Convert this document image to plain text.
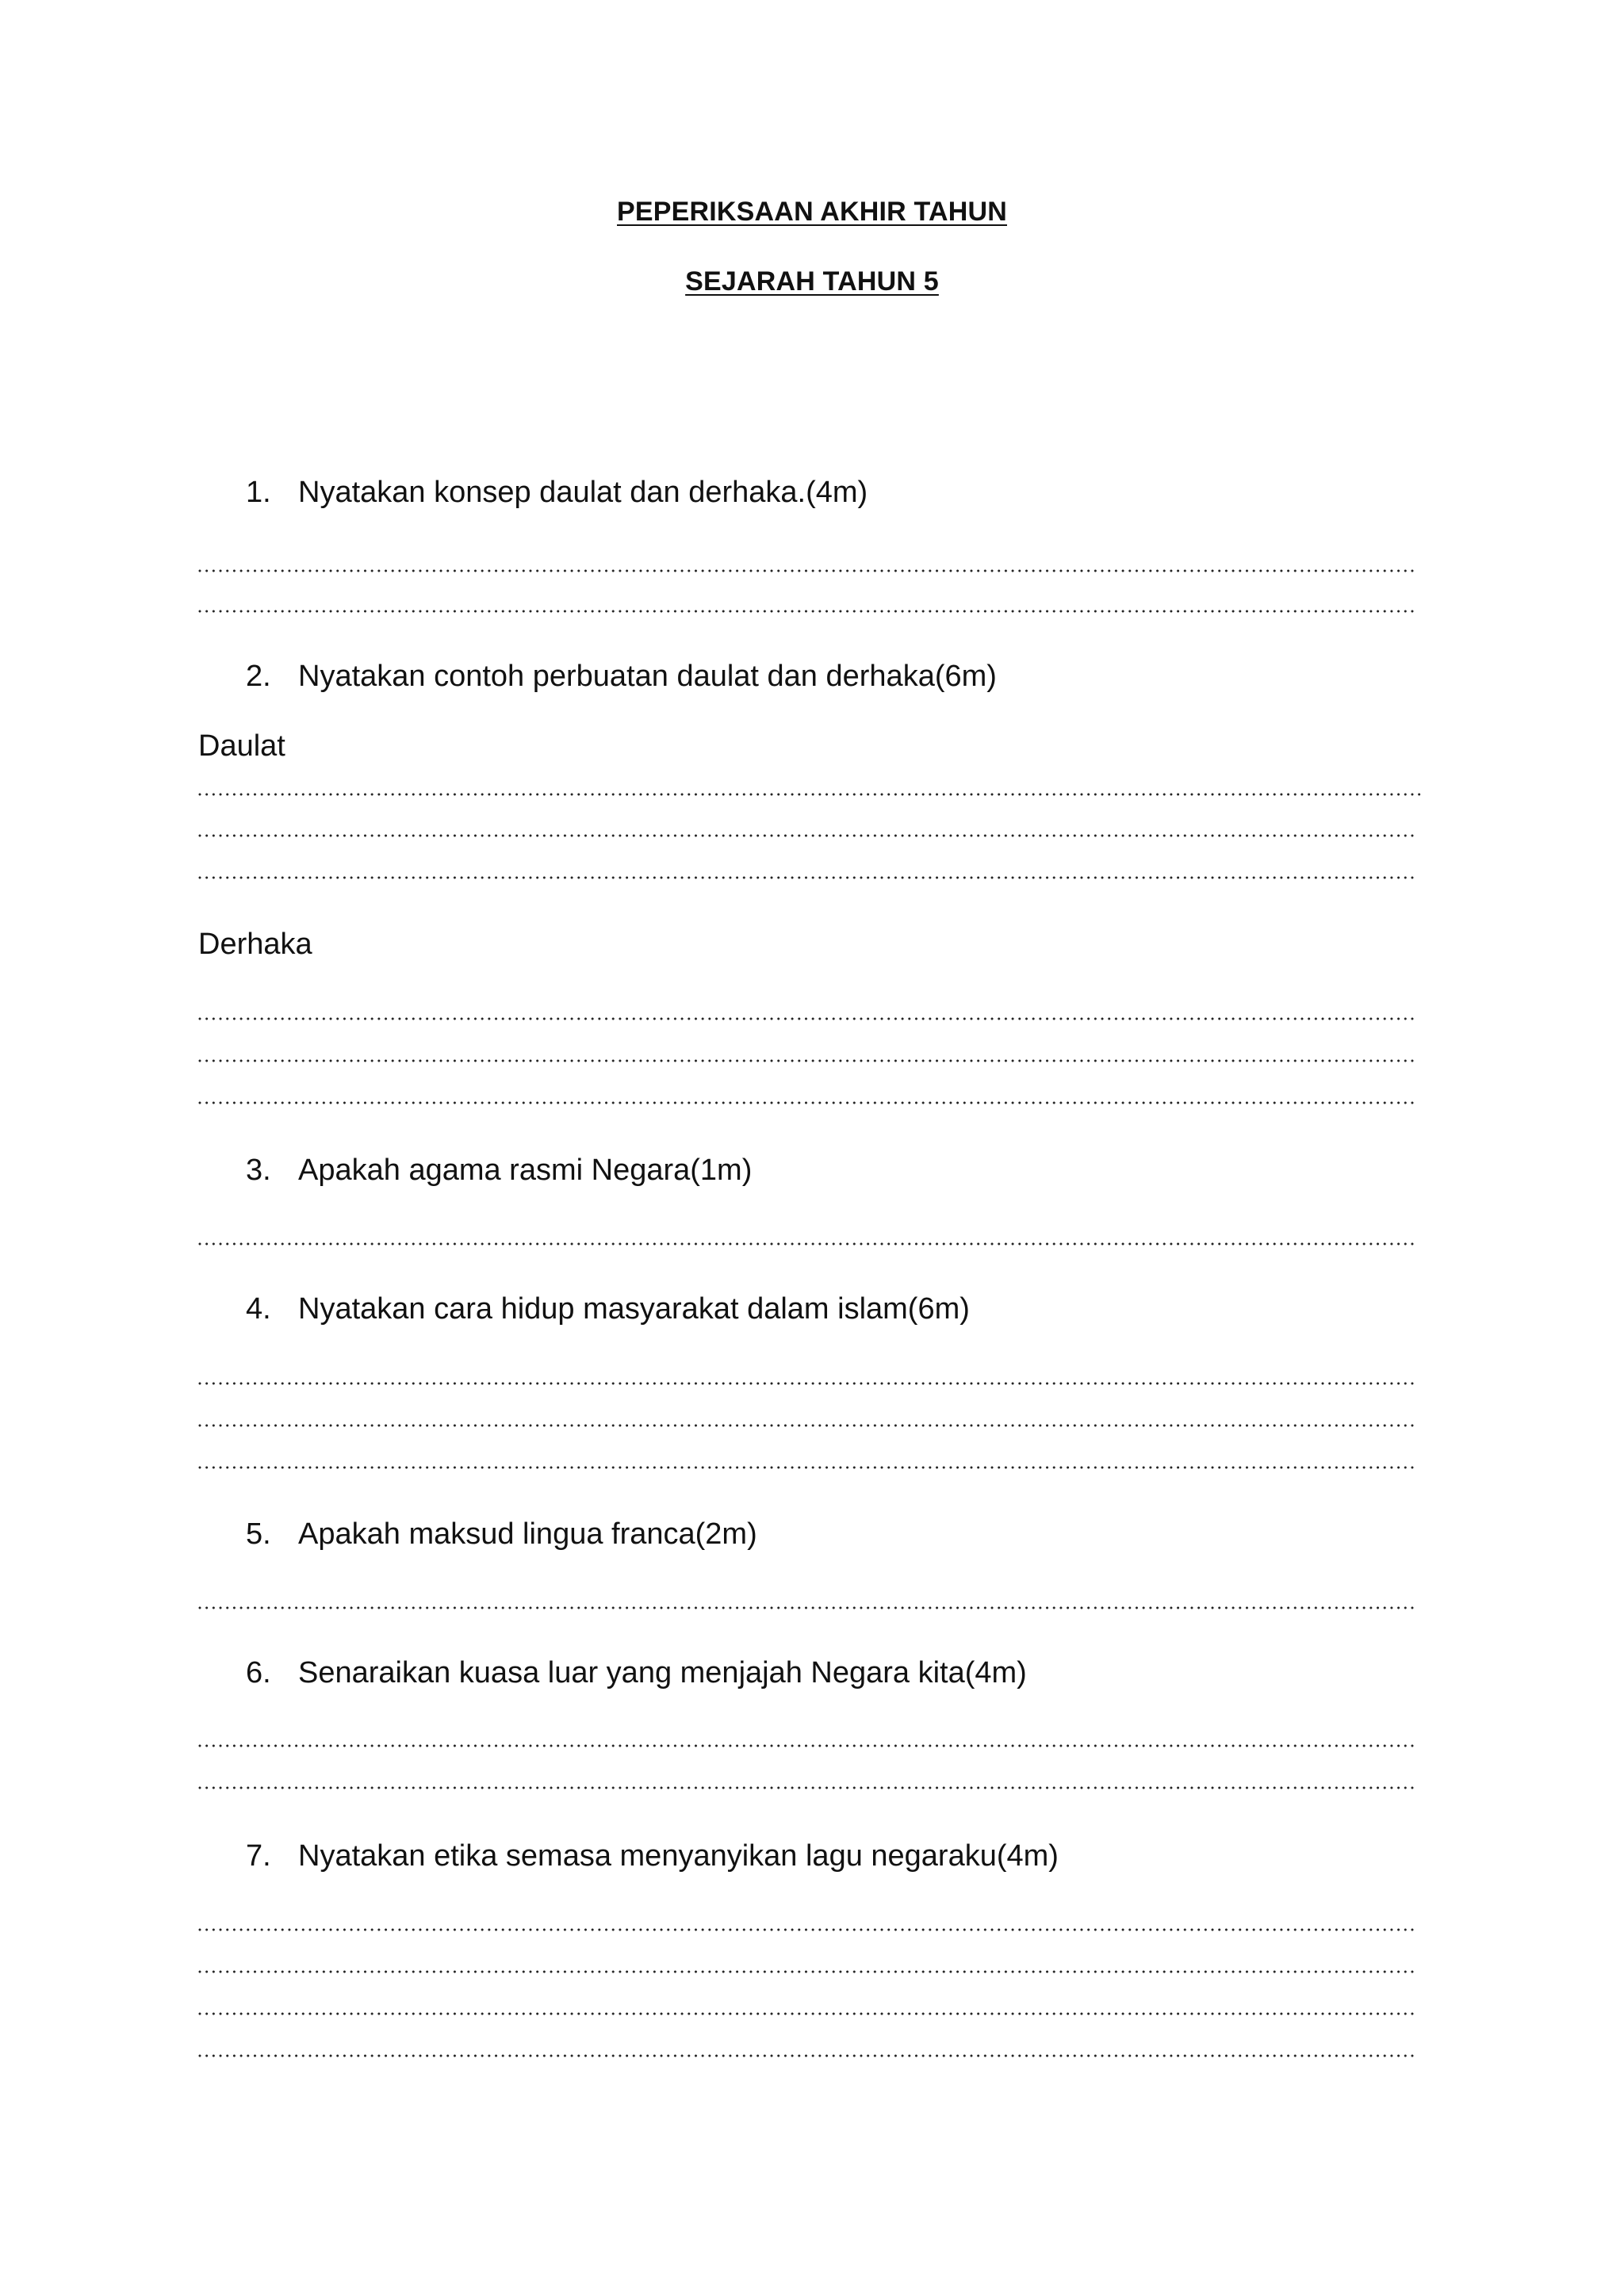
PEPERIKSAAN AKHIR TAHUN
SEJARAH TAHUN 5
1. Nyatakan konsep daulat dan derhaka.(4m)
2. Nyatakan contoh perbuatan daulat dan derhaka(6m)
Daulat
Derhaka
3. Apakah agama rasmi Negara(1m)
4. Nyatakan cara hidup masyarakat dalam islam(6m)
5. Apakah maksud lingua franca(2m)
6. Senaraikan kuasa luar yang menjajah Negara kita(4m)
7. Nyatakan etika semasa menyanyikan lagu negaraku(4m)
